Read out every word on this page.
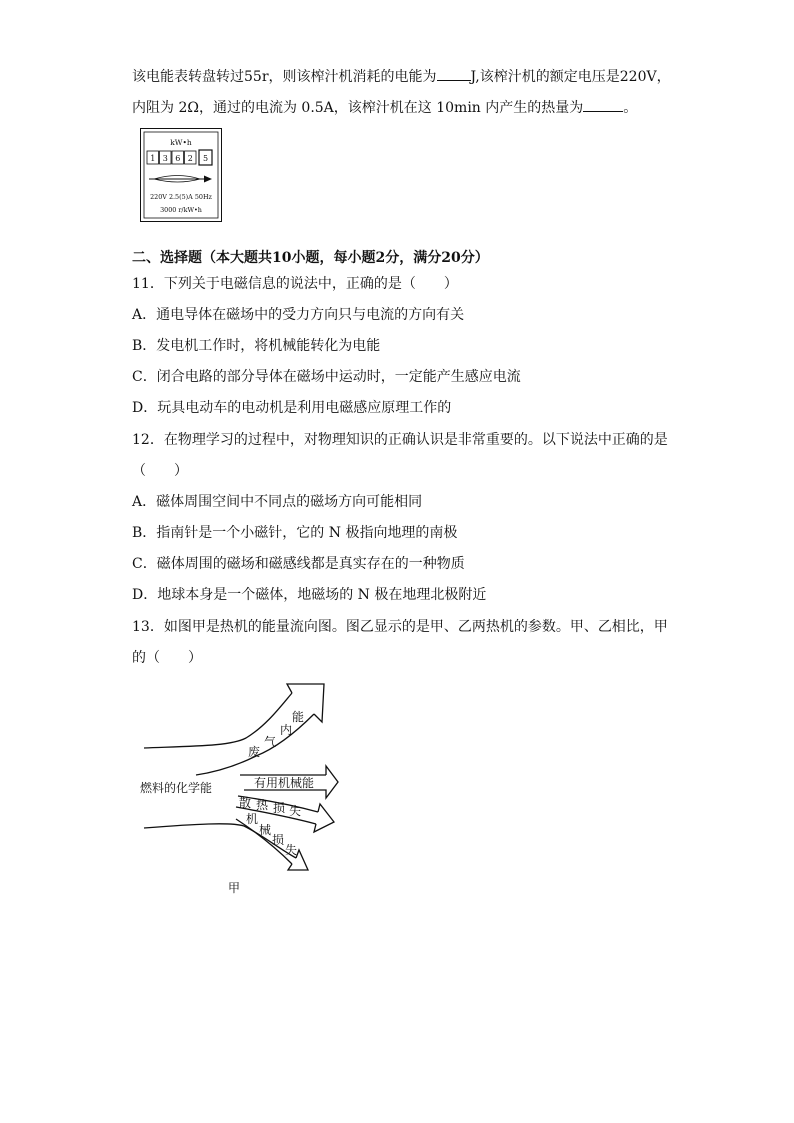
该电能表转盘转过55r，则该榨汁机消耗的电能为 J,该榨汁机的额定电压是220V，
内阻为 2Ω，通过的电流为 0.5A，该榨汁机在这 10min 内产生的热量为	。
kW•h
1 3 6 2 5
220V 2.5(5)A 50Hz
3000 r/kW•h
二、选择题（本大题共10小题，每小题2分，满分20分）
11．下列关于电磁信息的说法中，正确的是（　　）
A．通电导体在磁场中的受力方向只与电流的方向有关
B．发电机工作时，将机械能转化为电能
C．闭合电路的部分导体在磁场中运动时，一定能产生感应电流
D．玩具电动车的电动机是利用电磁感应原理工作的
12．在物理学习的过程中，对物理知识的正确认识是非常重要的。以下说法中正确的是
（　　）
A．磁体周围空间中不同点的磁场方向可能相同
B．指南针是一个小磁针，它的 N 极指向地理的南极
C．磁体周围的磁场和磁感线都是真实存在的一种物质
D．地球本身是一个磁体，地磁场的 N 极在地理北极附近
13．如图甲是热机的能量流向图。图乙显示的是甲、乙两热机的参数。甲、乙相比，甲
的（　　）
燃料的化学能
废
气
内
能
有用机械能
散 热 损 失
机
械
损
失
甲
